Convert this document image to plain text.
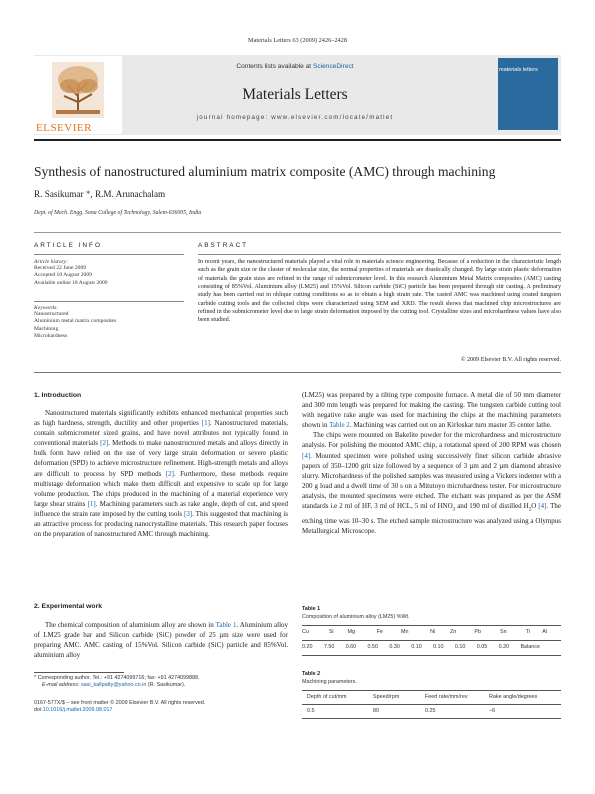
Materials Letters 63 (2009) 2426–2428
ELSEVIER
Contents lists available at ScienceDirect
Materials Letters
journal homepage: www.elsevier.com/locate/matlet
materials letters
Synthesis of nanostructured aluminium matrix composite (AMC) through machining
R. Sasikumar *, R.M. Arunachalam
Dept. of Mech. Engg. Sona College of Technology, Salem-636005, India
ARTICLE INFO
Article history:
Received 22 June 2009
Accepted 10 August 2009
Available online 18 August 2009
Keywords:
Nanostructured
Aluminium metal matrix composites
Machining
Microhardness
ABSTRACT
In recent years, the nanostructured materials played a vital role in materials science engineering. Because of a reduction in the characteristic length such as the grain size or the cluster of molecular size, the normal properties of materials are drastically changed. By large strain plastic deformation of materials the grain sizes are refined in the range of submicrometer level. In this research Aluminium Metal Matrix composites (AMC) casting consisting of 85%Vol. Aluminium alloy (LM25) and 15%Vol. Silicon carbide (SiC) particle has been prepared through stir casting. A preliminary study has been carried out in oblique cutting conditions so as to obtain a high strain rate. The casted AMC was machined using coated tungsten carbide cutting tools and the collected chips were characterized using SEM and XRD. The result shows that machined chip microstructures are refined in the submicrometer level due to large strain deformation imposed by the cutting tool. Crystalline sizes and microhardness values have also been studied.
© 2009 Elsevier B.V. All rights reserved.
1. Introduction

Nanostructured materials significantly exhibits enhanced mechanical properties such as high hardness, strength, ductility and other properties [1]. Nanostructured materials, contain submicrometer sized grains, and have novel attributes not typically found in conventional materials [2]. Methods to make nanostructured metals and alloys directly in bulk form have relied on the use of very large strain deformation or severe plastic deformation (SPD) to achieve microstructure refinement. High-strength metals and alloys are difficult to process by SPD methods [2]. Furthermore, these methods require multistage deformation which make them difficult and expensive to scale up for large volume production. The chips produced in the machining of a material experience very large shear strains [1]. Machining parameters such as rake angle, depth of cut, and speed influence the strain rate imposed by the cutting tools [3]. This suggested that machining is an attractive process for producing nanocrystalline materials. This research paper focuses on the preparation of nanostructured AMC through machining.

2. Experimental work

The chemical composition of aluminium alloy are shown in Table 1. Aluminium alloy of LM25 grade bar and Silicon carbide (SiC) powder of 25 µm size were used for preparing AMC. AMC casting of 15%Vol. Silicon carbide (SiC) particle and 85%Vol. aluminium alloy

* Corresponding author. Tel.: +91 4274099716; fax: +91 4274099888.
E-mail address: sasi_kallpatty@yahoo.co.in (R. Sasikumar).
0167-577X/$ – see front matter © 2009 Elsevier B.V. All rights reserved.
doi:10.1016/j.matlet.2009.08.017

(LM25) was prepared by a tilting type composite furnace. A metal die of 50 mm diameter and 300 mm length was prepared for making the casting. The tungsten carbide cutting tool with negative rake angle was used for machining the chips at the machining parameters shown in Table 2. Machining was carried out on an Kirloskar turn master 35 center lathe.

The chips were mounted on Bakelite powder for the microhardness and microstructure analysis. For polishing the mounted AMC chip, a rotational speed of 200 RPM was chosen [4]. Mounted specimen were polished using successively finer silicon carbide abrasive papers of 350–1200 grit size followed by a sequence of 3 µm and 2 µm diamond abrasive slurry. Microhardness of the polished samples was measured using a Vickers indenter with a 200 g load and a dwell time of 30 s on a Mitutoyo microhardness tester. For microstructure analysis, the mounted specimens were etched. The etchant was prepared as per the ASM standards i.e 2 ml of HF, 3 ml of HCL, 5 ml of $HNO_3$ and 190 ml of distilled $H_2O$ [4]. The etching time was 10–30 s. The etched sample microstructure was analyzed using a Olympus Metallurgical Microscope.

Table 1
Composition of aluminium alloy (LM25) %Wt.
Cu	Si	Mg	Fe	Mn	Ni	Zn	Pb	Sn	Ti	Al
0.20	7.50	0.60	0.50	0.30	0.10	0.10	0.10	0.05	0.20	Balance
Table 2
Machining parameters.
Depth of cut/mm	Speed/rpm	Feed rate/mm/rev	Rake angle/degrees
0.5	80	0.25	−6
